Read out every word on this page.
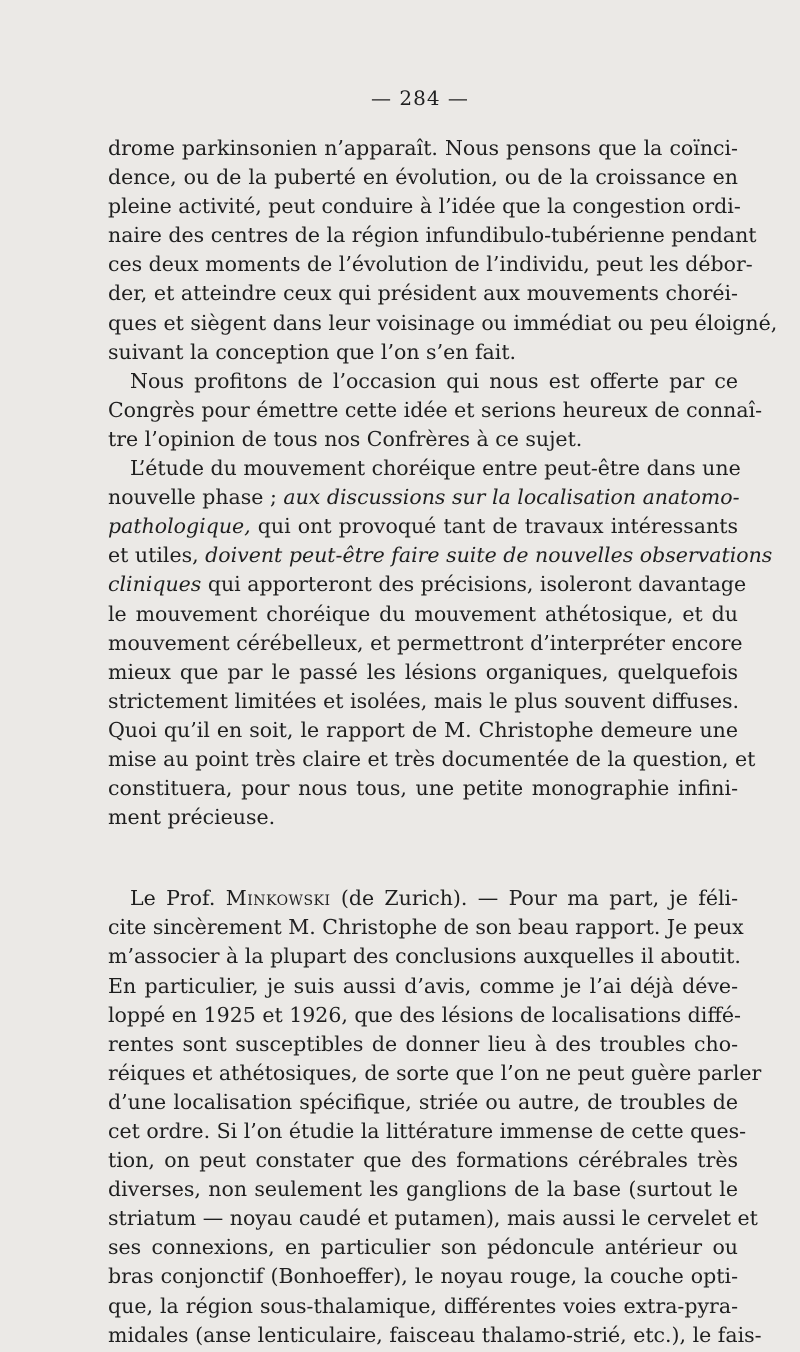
— 284 —
drome parkinsonien n’apparaît. Nous pensons que la coïnci-
dence, ou de la puberté en évolution, ou de la croissance en
pleine activité, peut conduire à l’idée que la congestion ordi-
naire des centres de la région infundibulo-tubérienne pendant
ces deux moments de l’évolution de l’individu, peut les débor-
der, et atteindre ceux qui président aux mouvements choréi-
ques et siègent dans leur voisinage ou immédiat ou peu éloigné,
suivant la conception que l’on s’en fait.
Nous profitons de l’occasion qui nous est offerte par ce
Congrès pour émettre cette idée et serions heureux de connaî-
tre l’opinion de tous nos Confrères à ce sujet.
L’étude du mouvement choréique entre peut-être dans une
nouvelle phase ; aux discussions sur la localisation anatomo-
pathologique, qui ont provoqué tant de travaux intéressants
et utiles, doivent peut-être faire suite de nouvelles observations
cliniques qui apporteront des précisions, isoleront davantage
le mouvement choréique du mouvement athétosique, et du
mouvement cérébelleux, et permettront d’interpréter encore
mieux que par le passé les lésions organiques, quelquefois
strictement limitées et isolées, mais le plus souvent diffuses.
Quoi qu’il en soit, le rapport de M. Christophe demeure une
mise au point très claire et très documentée de la question, et
constituera, pour nous tous, une petite monographie infini-
ment précieuse.
Le Prof. Minkowski (de Zurich). — Pour ma part, je féli-
cite sincèrement M. Christophe de son beau rapport. Je peux
m’associer à la plupart des conclusions auxquelles il aboutit.
En particulier, je suis aussi d’avis, comme je l’ai déjà déve-
loppé en 1925 et 1926, que des lésions de localisations diffé-
rentes sont susceptibles de donner lieu à des troubles cho-
réiques et athétosiques, de sorte que l’on ne peut guère parler
d’une localisation spécifique, striée ou autre, de troubles de
cet ordre. Si l’on étudie la littérature immense de cette ques-
tion, on peut constater que des formations cérébrales très
diverses, non seulement les ganglions de la base (surtout le
striatum — noyau caudé et putamen), mais aussi le cervelet et
ses connexions, en particulier son pédoncule antérieur ou
bras conjonctif (Bonhoeffer), le noyau rouge, la couche opti-
que, la région sous-thalamique, différentes voies extra-pyra-
midales (anse lenticulaire, faisceau thalamo-strié, etc.), le fais-
